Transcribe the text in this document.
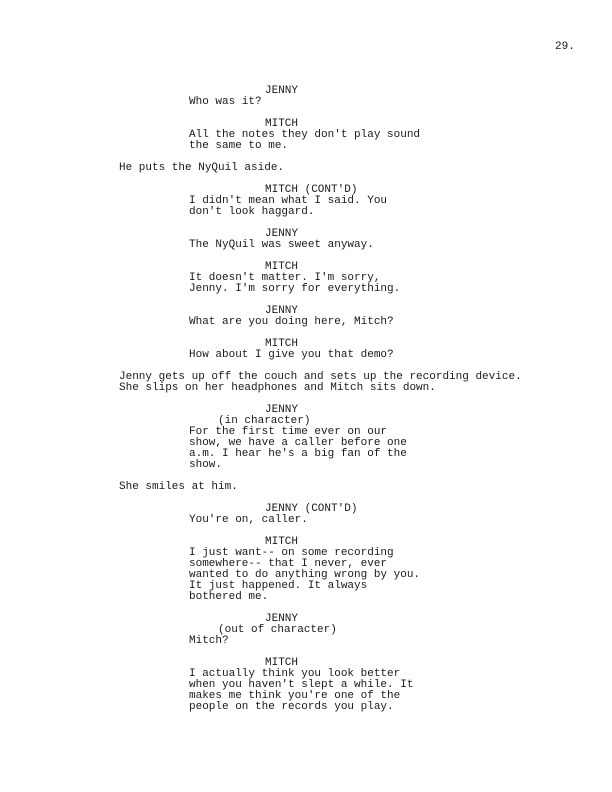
29.
JENNY
Who was it?
MITCH
All the notes they don't play sound
the same to me.
He puts the NyQuil aside.
MITCH (CONT'D)
I didn't mean what I said. You
don't look haggard.
JENNY
The NyQuil was sweet anyway.
MITCH
It doesn't matter. I'm sorry,
Jenny. I'm sorry for everything.
JENNY
What are you doing here, Mitch?
MITCH
How about I give you that demo?
Jenny gets up off the couch and sets up the recording device.
She slips on her headphones and Mitch sits down.
JENNY
(in character)
For the first time ever on our
show, we have a caller before one
a.m. I hear he's a big fan of the
show.
She smiles at him.
JENNY (CONT'D)
You're on, caller.
MITCH
I just want-- on some recording
somewhere-- that I never, ever
wanted to do anything wrong by you.
It just happened. It always
bothered me.
JENNY
(out of character)
Mitch?
MITCH
I actually think you look better
when you haven't slept a while. It
makes me think you're one of the
people on the records you play.
